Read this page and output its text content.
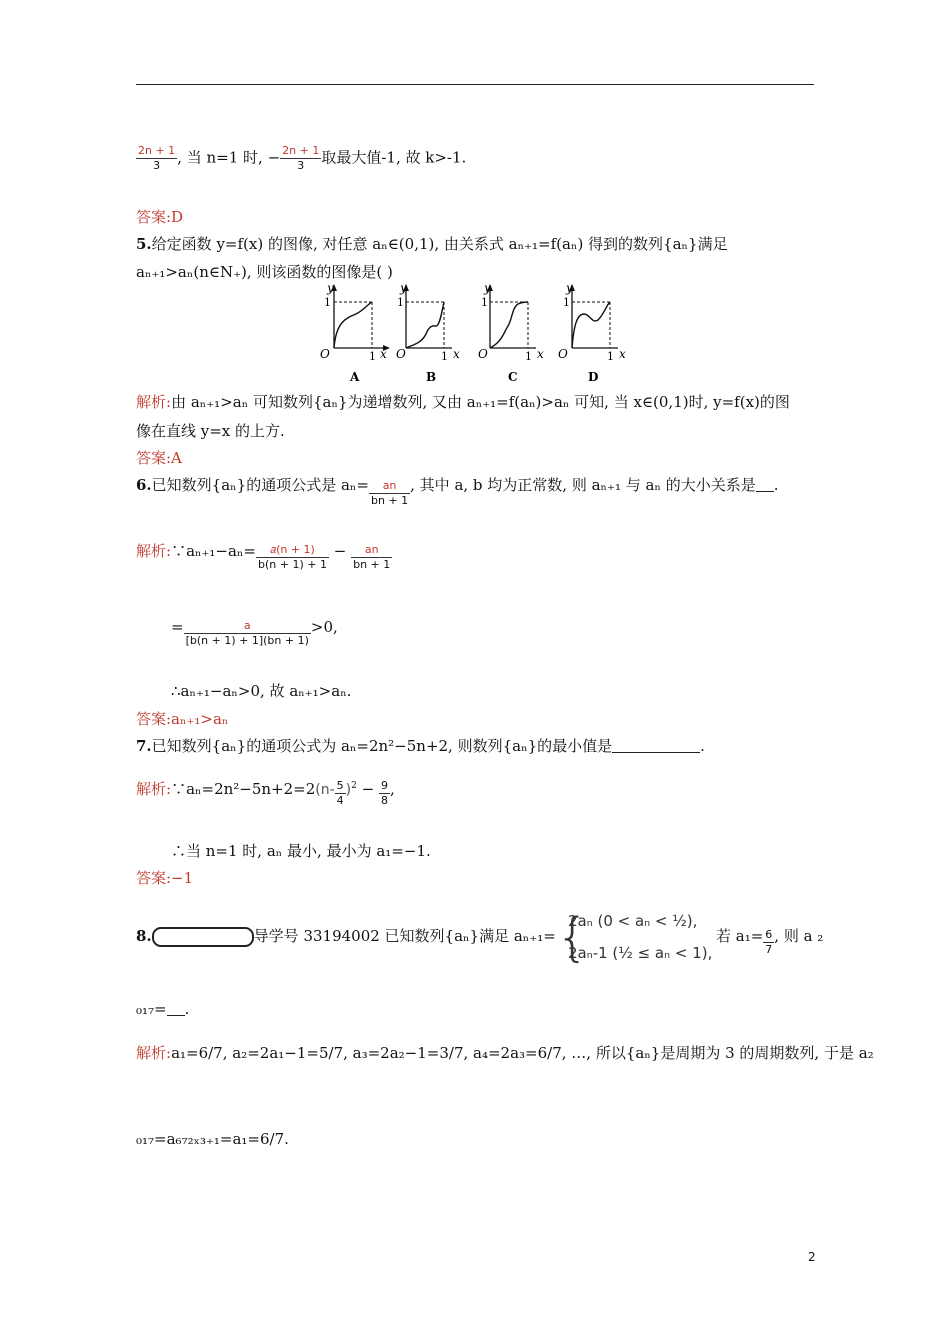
$\frac{2n + 1}{3}$ , 当 n=1 时, − $\frac{2n + 1}{3}$ 取最大值-1, 故 k>-1.
答案:D
5.给定函数 y=f(x) 的图像, 对任意 aₙ∈(0,1), 由关系式 aₙ₊₁=f(aₙ) 得到的数列{aₙ}满足
aₙ₊₁>aₙ(n∈N₊), 则该函数的图像是( )
y
O
1
1 x
A
y
O
1
1 x
B
y
O
1
1 x
C
y
O
1
1 x
D
解析:由 aₙ₊₁>aₙ 可知数列{aₙ}为递增数列, 又由 aₙ₊₁=f(aₙ)>aₙ 可知, 当 x∈(0,1)时, y=f(x)的图
像在直线 y=x 的上方.
答案:A
6.已知数列{aₙ}的通项公式是 $a_n= \frac{an}{bn + 1}$ , 其中 a, b 均为正常数, 则 aₙ₊₁ 与 aₙ 的大小关系是 .
解析:∵aₙ₊₁−aₙ= $\frac{\text{𝑎(n + 1)}}{b(n + 1) + 1} - \frac{an}{bn + 1}$
= $\frac{a}{[b(n + 1) + 1](bn + 1)} >0$,
∴aₙ₊₁−aₙ>0, 故 aₙ₊₁>aₙ.
答案:aₙ₊₁>aₙ
7.已知数列{aₙ}的通项公式为 aₙ=2n²−5n+2, 则数列{aₙ}的最小值是	.
解析:∵aₙ=2n²−5n+2=2(n- $\frac{5}{4} )^2 - \frac{9}{8}$ ,
∴当 n=1 时, aₙ 最小, 最小为 a₁=−1.
答案:−1
8.	导学号 33194002 已知数列{aₙ}满足 aₙ₊₁= {
2aₙ (0 < aₙ < ½),
2aₙ-1 (½ ≤ aₙ < 1),
若 $a_1= \frac{6}{7}$ , 则 a ₂
₀₁₇= .
解析:a₁=6/7, a₂=2a₁−1=5/7, a₃=2a₂−1=3/7, a₄=2a₃=6/7, …, 所以{aₙ}是周期为 3 的周期数列, 于是 a₂
₀₁₇=a₆₇₂ₓ₃₊₁=a₁=6/7.
2
